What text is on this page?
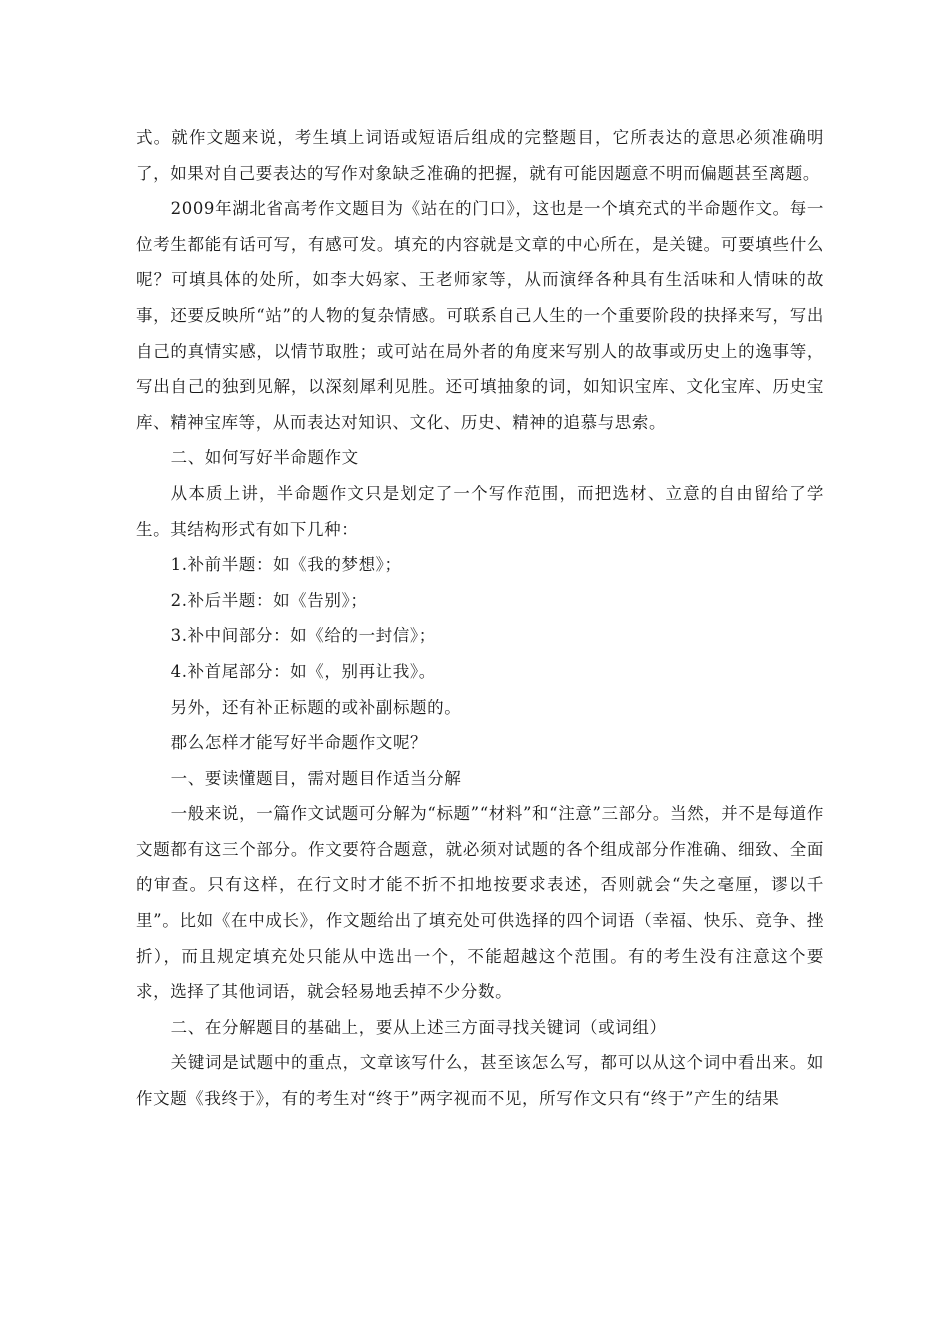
式。就作文题来说，考生填上词语或短语后组成的完整题目，它所表达的意思必须准确明了，如果对自己要表达的写作对象缺乏准确的把握，就有可能因题意不明而偏题甚至离题。

2009年湖北省高考作文题目为《站在的门口》，这也是一个填充式的半命题作文。每一位考生都能有话可写，有感可发。填充的内容就是文章的中心所在，是关键。可要填些什么呢？可填具体的处所，如李大妈家、王老师家等，从而演绎各种具有生活味和人情味的故事，还要反映所“站”的人物的复杂情感。可联系自己人生的一个重要阶段的抉择来写，写出自己的真情实感，以情节取胜；或可站在局外者的角度来写别人的故事或历史上的逸事等，写出自己的独到见解，以深刻犀利见胜。还可填抽象的词，如知识宝库、文化宝库、历史宝库、精神宝库等，从而表达对知识、文化、历史、精神的追慕与思索。

二、如何写好半命题作文

从本质上讲，半命题作文只是划定了一个写作范围，而把选材、立意的自由留给了学生。其结构形式有如下几种：

1.补前半题：如《我的梦想》；

2.补后半题：如《告别》；

3.补中间部分：如《给的一封信》；

4.补首尾部分：如《，别再让我》。

另外，还有补正标题的或补副标题的。

郡么怎样才能写好半命题作文呢？

一、要读懂题目，需对题目作适当分解

一般来说，一篇作文试题可分解为“标题”“材料”和“注意”三部分。当然，并不是每道作文题都有这三个部分。作文要符合题意，就必须对试题的各个组成部分作准确、细致、全面的审查。只有这样，在行文时才能不折不扣地按要求表述，否则就会“失之毫厘，谬以千里”。比如《在中成长》，作文题给出了填充处可供选择的四个词语（幸福、快乐、竞争、挫折），而且规定填充处只能从中选出一个，不能超越这个范围。有的考生没有注意这个要求，选择了其他词语，就会轻易地丢掉不少分数。

二、在分解题目的基础上，要从上述三方面寻找关键词（或词组）

关键词是试题中的重点，文章该写什么，甚至该怎么写，都可以从这个词中看出来。如作文题《我终于》，有的考生对“终于”两字视而不见，所写作文只有“终于”产生的结果
